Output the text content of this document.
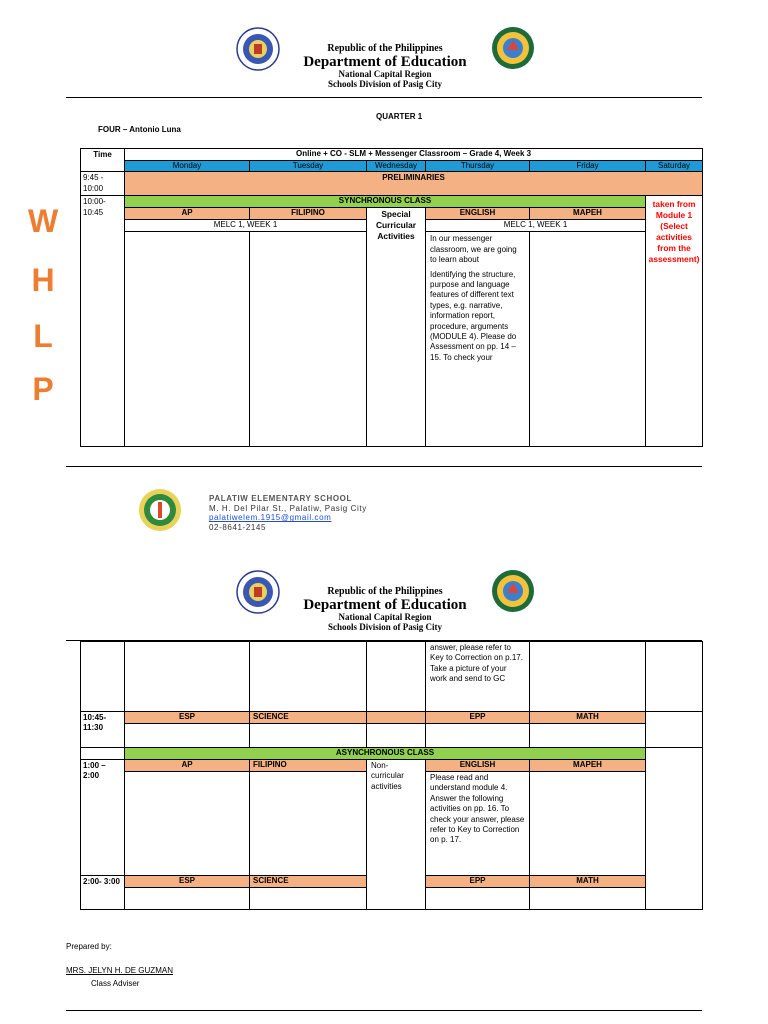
Republic of the Philippines
Department of Education
National Capital Region
Schools Division of Pasig City
QUARTER 1
FOUR – Antonio Luna
W
H
L
P
Time	Online + CO - SLM + Messenger Classroom – Grade 4, Week 3					
	Monday	Tuesday	Wednesday	Thursday	Friday	Saturday
9:45 - 10:00	PRELIMINARIES					
10:00- 10:45	SYNCHRONOUS CLASS					taken from Module 1 (Select activities from the assessment)
	AP	FILIPINO	Special Curricular Activities	ENGLISH	MAPEH	
	MELC 1, WEEK 1			MELC 1, WEEK 1		

				In our messenger classroom, we are going to learn about
Identifying the structure, purpose and language features of different text types, e.g. narrative, information report, procedure, arguments (MODULE 4). Please do Assessment on pp. 14 – 15. To check your		

PALATIW ELEMENTARY SCHOOL
M. H. Del Pilar St., Palatiw, Pasig City
palatiwelem.1915@gmail.com
02-8641-2145
Republic of the Philippines
Department of Education
National Capital Region
Schools Division of Pasig City
				answer, please refer to Key to Correction on p.17. Take a picture of your work and send to GC		
10:45- 11:30	ESP	SCIENCE		EPP	MATH	

	ASYNCHRONOUS CLASS					
1:00 – 2:00	AP	FILIPINO	Non-curricular activities	ENGLISH	MAPEH	
				Please read and understand module 4. Answer the following activities on pp. 16. To check your answer, please refer to Key to Correction on p. 17.		
2:00- 3:00	ESP	SCIENCE		EPP	MATH	

Prepared by:
MRS. JELYN H. DE GUZMAN
Class Adviser
